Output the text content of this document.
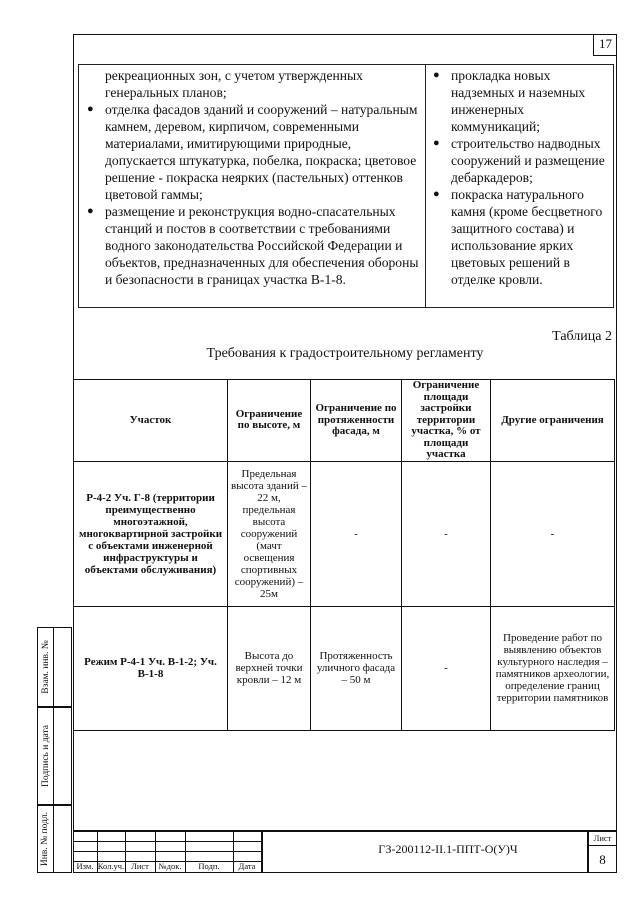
17
рекреационных зон, с учетом утвержденных генеральных планов;
● отделка фасадов зданий и сооружений – натуральным камнем, деревом, кирпичом, современными материалами, имитирующими природные, допускается штукатурка, побелка, покраска; цветовое решение - покраска неярких (пастельных) оттенков цветовой гаммы;
● размещение и реконструкция водно-спасательных станций и постов в соответствии с требованиями водного законодательства Российской Федерации и объектов, предназначенных для обеспечения обороны и безопасности в границах участка В-1-8.
● прокладка новых надземных и наземных инженерных коммуникаций;
● строительство надводных сооружений и размещение дебаркадеров;
● покраска натурального камня (кроме бесцветного защитного состава) и использование ярких цветовых решений в отделке кровли.
Таблица 2
Требования к градостроительному регламенту
Участок	Ограничение по высоте, м	Ограничение по протяженности фасада, м	Ограничение площади застройки территории участка, % от площади участка	Другие ограничения
Р-4-2 Уч. Г-8 (территории преимущественно многоэтажной, многоквартирной застройки с объектами инженерной инфраструктуры и объектами обслуживания)	Предельная высота зданий – 22 м, предельная высота сооружений (мачт освещения спортивных сооружений) – 25м	-	-	-
Режим Р-4-1 Уч. В-1-2; Уч. В-1-8	Высота до верхней точки кровли – 12 м	Протяженность уличного фасада – 50 м	-	Проведение работ по выявлению объектов культурного наследия – памятников археологии, определение границ территории памятников
Взам. инв. №
Подпись и дата
Инв. № подл.	Изм. Кол.уч. Лист	№док.	Подп.	Дата
ГЗ-200112-II.1-ППТ-О(У)Ч
Лист
8
